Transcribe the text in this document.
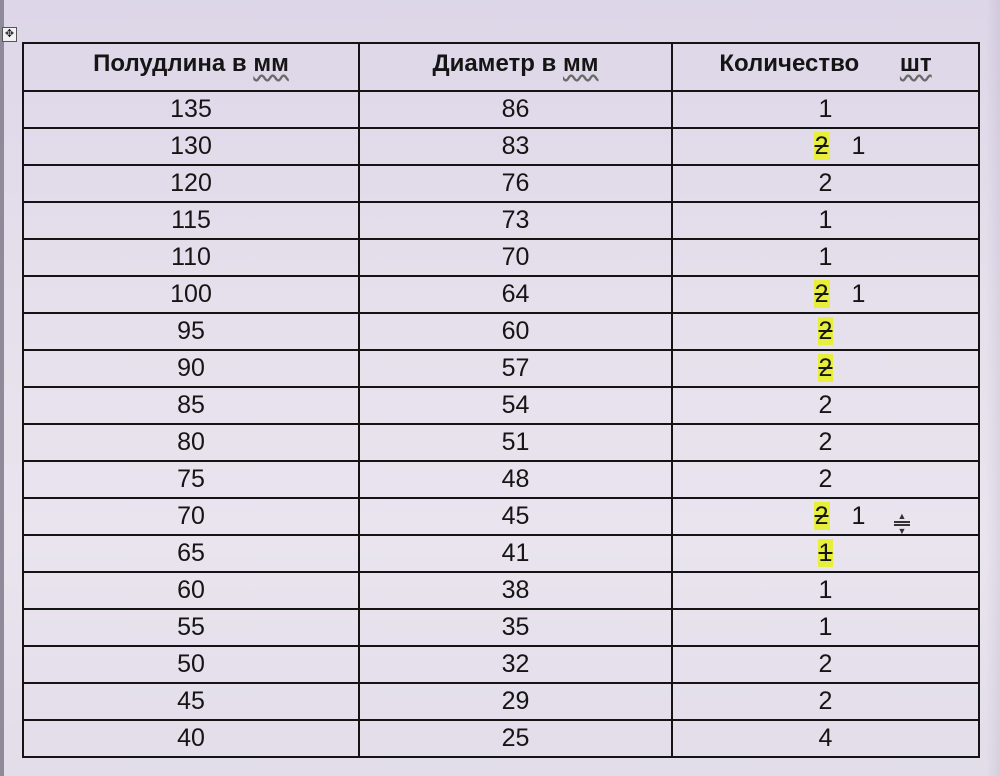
✥
Полудлина в мм	Диаметр в мм	Количество шт
135	86	1
130	83	2 1
120	76	2
115	73	1
110	70	1
100	64	2 1
95	60	2
90	57	2
85	54	2
80	51	2
75	48	2
70	45	2 1
65	41	1
60	38	1
55	35	1
50	32	2
45	29	2
40	25	4
▲
▼
